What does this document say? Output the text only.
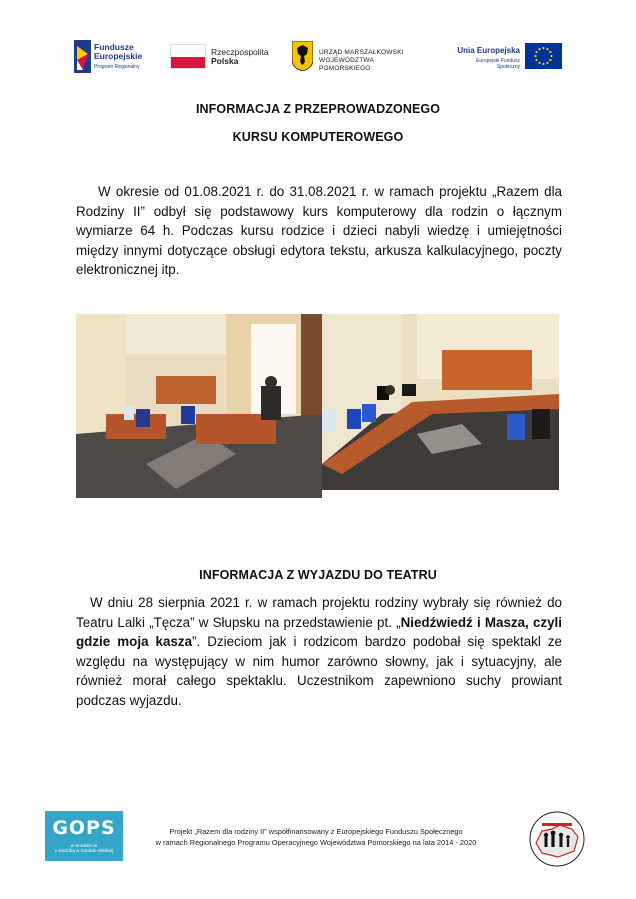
Fundusze
Europejskie
Program Regionalny
Rzeczpospolita
Polska
URZĄD MARSZAŁKOWSKI
WOJEWÓDZTWA POMORSKIEGO
Unia Europejska
Europejski Fundusz Społeczny
INFORMACJA Z PRZEPROWADZONEGO
KURSU KOMPUTEROWEGO
W okresie od 01.08.2021 r. do 31.08.2021 r. w ramach projektu „Razem dla Rodziny II” odbył się podstawowy kurs komputerowy dla rodzin o łącznym wymiarze 64 h. Podczas kursu rodzice i dzieci nabyli wiedzę i umiejętności między innymi dotyczące obsługi edytora tekstu, arkusza kalkulacyjnego, poczty elektronicznej itp.
INFORMACJA Z WYJAZDU DO TEATRU
W dniu 28 sierpnia 2021 r. w ramach projektu rodziny wybrały się również do Teatru Lalki „Tęcza” w Słupsku na przedstawienie pt. „Niedźwiedź i Masza, czyli gdzie moja kasza”. Dzieciom jak i rodzicom bardzo podobał się spektakl ze względu na występujący w nim humor zarówno słowny, jak i sytuacyjny, ale również morał całego spektaklu. Uczestnikom zapewniono suchy prowiant podczas wyjazdu.
GOPS
w Smołdzinie
z siedzibą w Gardnie Wielkiej
Projekt „Razem dla rodziny II” współfinansowany z Europejskiego Funduszu Społecznego
w ramach Regionalnego Programu Operacyjnego Województwa Pomorskiego na lata 2014 - 2020
